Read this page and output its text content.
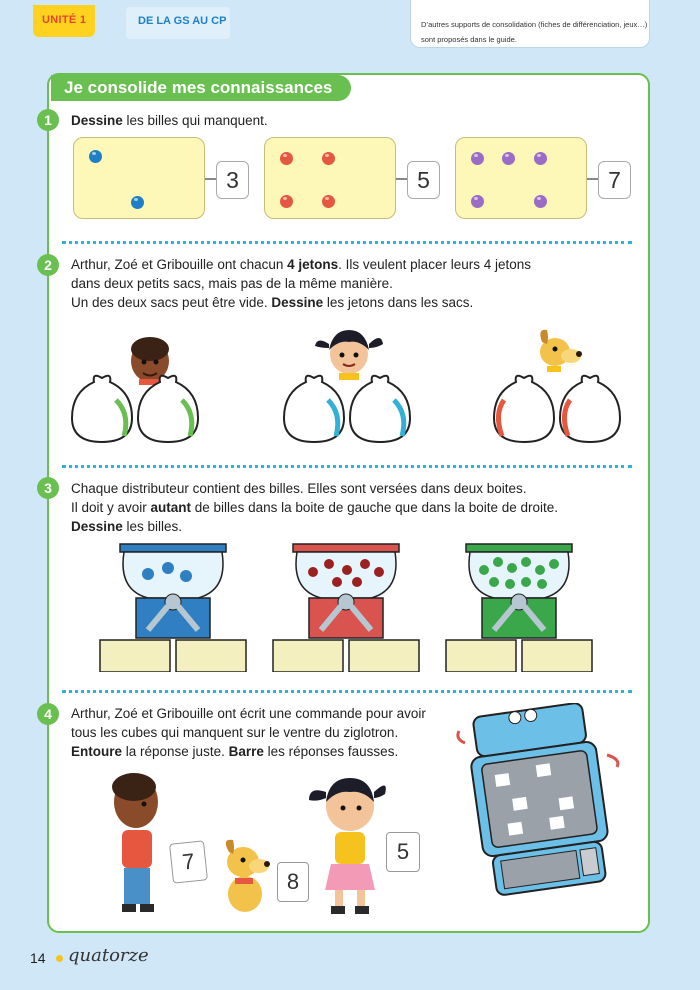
UNITÉ 1	DE LA GS AU CP	D’autres supports de consolidation (fiches de différenciation, jeux…)
sont proposés dans le guide.
Je consolide mes connaissances
1	Dessine les billes qui manquent.
3	5	7
2	Arthur, Zoé et Gribouille ont chacun 4 jetons. Ils veulent placer leurs 4 jetons
dans deux petits sacs, mais pas de la même manière.
Un des deux sacs peut être vide. Dessine les jetons dans les sacs.
3	Chaque distributeur contient des billes. Elles sont versées dans deux boites.
Il doit y avoir autant de billes dans la boite de gauche que dans la boite de droite.
Dessine les billes.
4	Arthur, Zoé et Gribouille ont écrit une commande pour avoir
tous les cubes qui manquent sur le ventre du ziglotron.
Entoure la réponse juste. Barre les réponses fausses.
7
8
5
14 quatorze
